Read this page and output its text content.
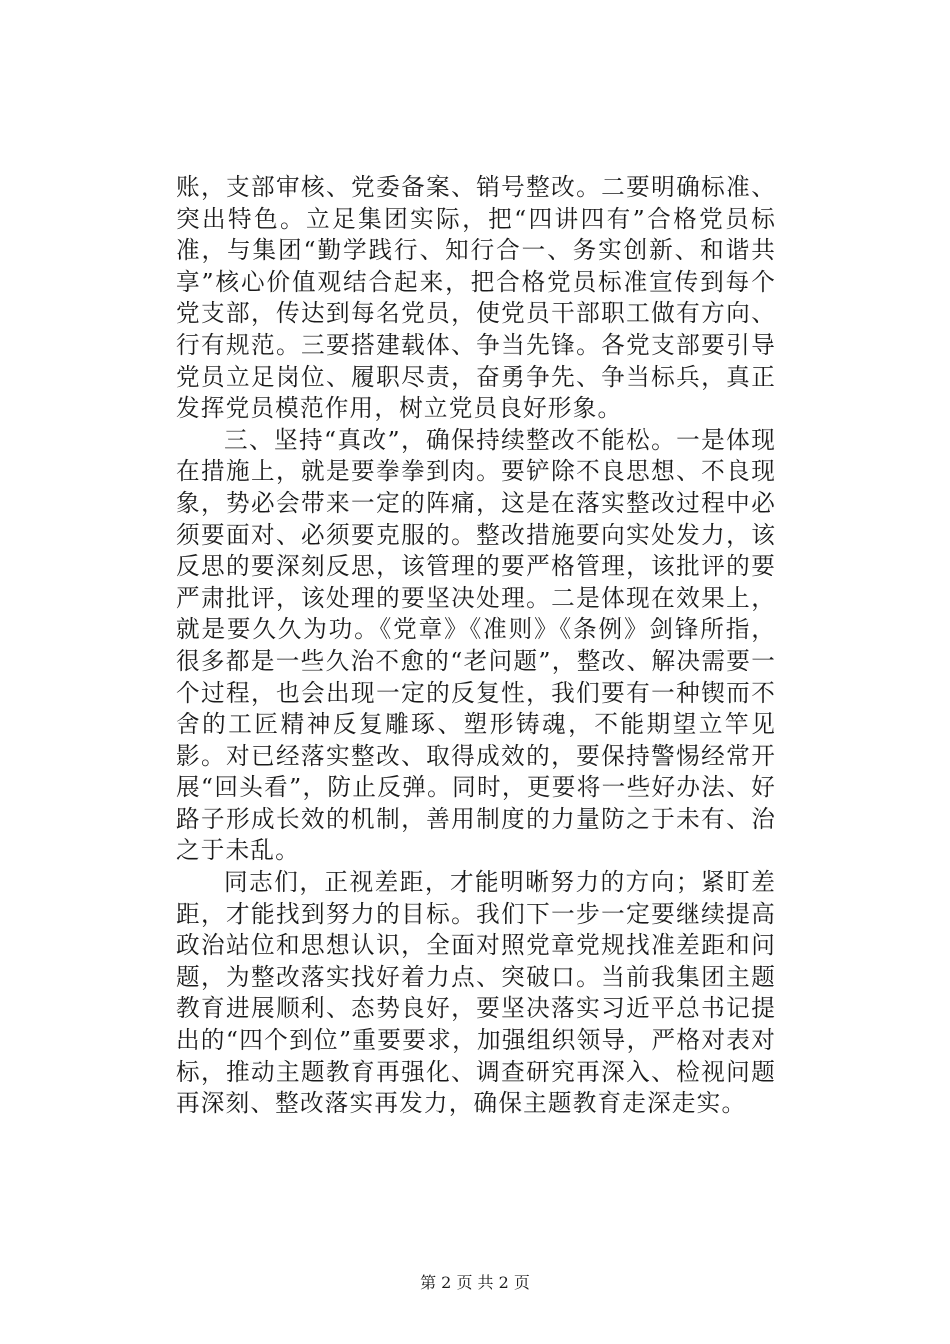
账，支部审核、党委备案、销号整改。二要明确标准、突出特色。立足集团实际，把“四讲四有”合格党员标准，与集团“勤学践行、知行合一、务实创新、和谐共享”核心价值观结合起来，把合格党员标准宣传到每个党支部，传达到每名党员，使党员干部职工做有方向、行有规范。三要搭建载体、争当先锋。各党支部要引导党员立足岗位、履职尽责，奋勇争先、争当标兵，真正发挥党员模范作用，树立党员良好形象。

三、坚持“真改”，确保持续整改不能松。一是体现在措施上，就是要拳拳到肉。要铲除不良思想、不良现象，势必会带来一定的阵痛，这是在落实整改过程中必须要面对、必须要克服的。整改措施要向实处发力，该反思的要深刻反思，该管理的要严格管理，该批评的要严肃批评，该处理的要坚决处理。二是体现在效果上，就是要久久为功。《党章》《准则》《条例》剑锋所指，很多都是一些久治不愈的“老问题”，整改、解决需要一个过程，也会出现一定的反复性，我们要有一种锲而不舍的工匠精神反复雕琢、塑形铸魂，不能期望立竿见影。对已经落实整改、取得成效的，要保持警惕经常开展“回头看”，防止反弹。同时，更要将一些好办法、好路子形成长效的机制，善用制度的力量防之于未有、治之于未乱。

同志们，正视差距，才能明晰努力的方向；紧盯差距，才能找到努力的目标。我们下一步一定要继续提高政治站位和思想认识，全面对照党章党规找准差距和问题，为整改落实找好着力点、突破口。当前我集团主题教育进展顺利、态势良好，要坚决落实习近平总书记提出的“四个到位”重要要求，加强组织领导，严格对表对标，推动主题教育再强化、调查研究再深入、检视问题再深刻、整改落实再发力，确保主题教育走深走实。

第 2 页 共 2 页
